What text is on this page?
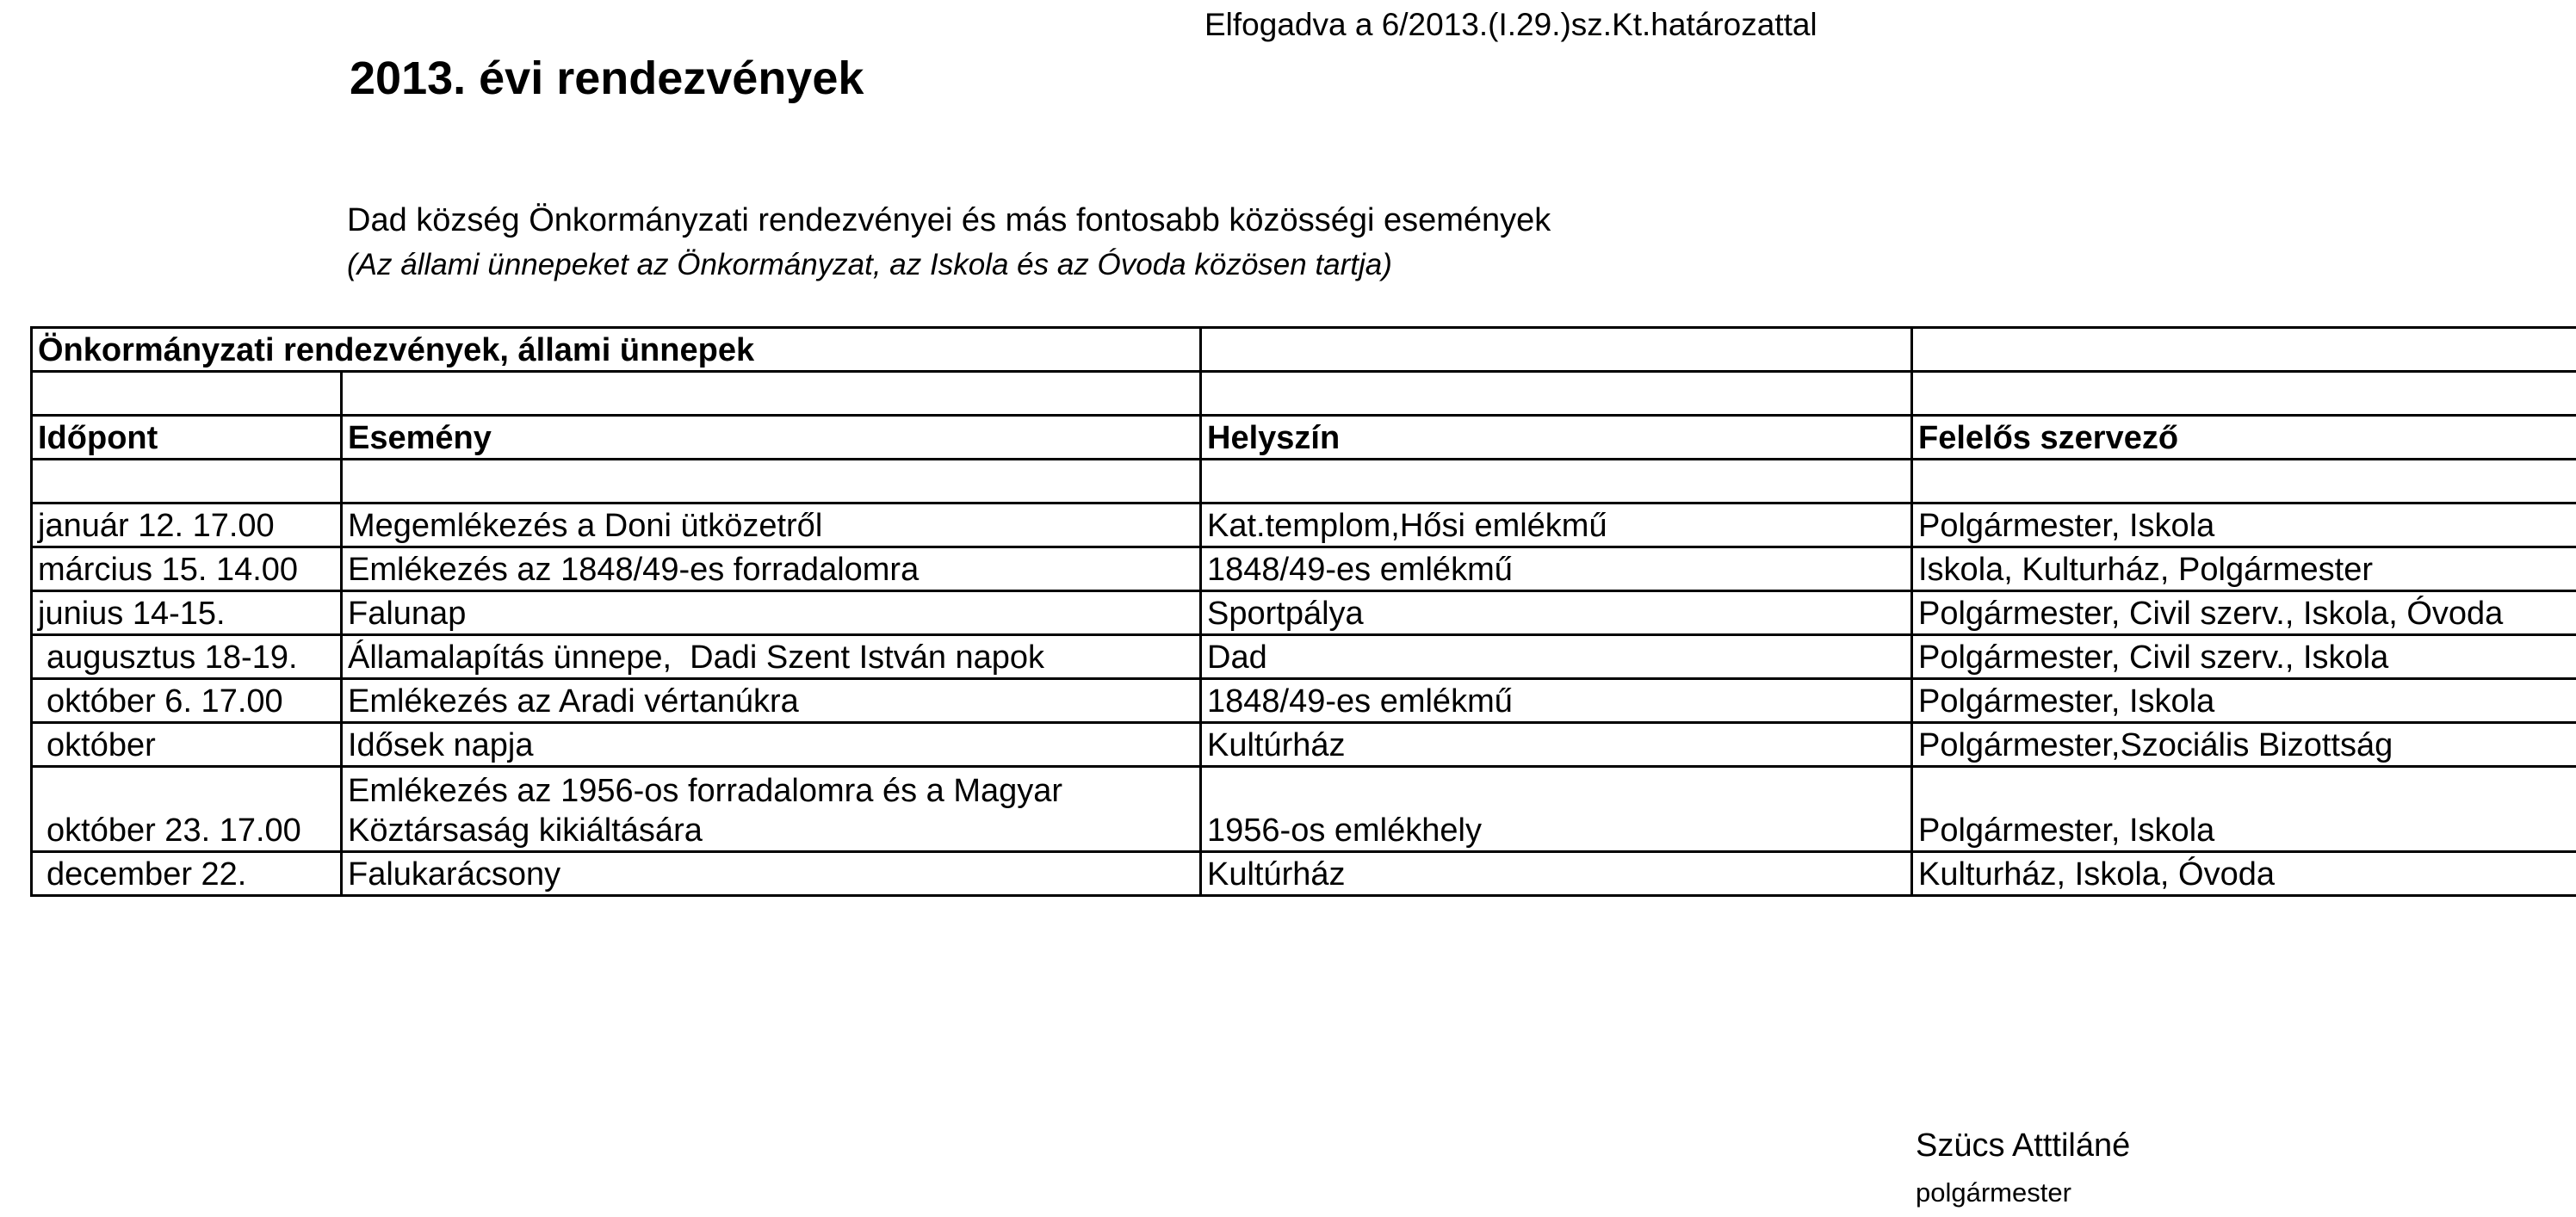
Elfogadva a 6/2013.(I.29.)sz.Kt.határozattal
2013. évi rendezvények
Dad község Önkormányzati rendezvényei és más fontosabb közösségi események
(Az állami ünnepeket az Önkormányzat, az Iskola és az Óvoda közösen tartja)
Önkormányzati rendezvények, állami ünnepek			

Időpont	Esemény	Helyszín	Felelős szervező

január 12. 17.00	Megemlékezés a Doni ütközetről	Kat.templom,Hősi emlékmű	Polgármester, Iskola
március 15. 14.00	Emlékezés az 1848/49-es forradalomra	1848/49-es emlékmű	Iskola, Kulturház, Polgármester
junius 14-15.	Falunap	Sportpálya	Polgármester, Civil szerv., Iskola, Óvoda
augusztus 18-19.	Államalapítás ünnepe,  Dadi Szent István napok	Dad	Polgármester, Civil szerv., Iskola
október 6. 17.00	Emlékezés az Aradi vértanúkra	1848/49-es emlékmű	Polgármester, Iskola
október	Idősek napja	Kultúrház	Polgármester,Szociális Bizottság
október 23. 17.00	Emlékezés az 1956-os forradalomra és a Magyar Köztársaság kikiáltására	1956-os emlékhely	Polgármester, Iskola
december 22.	Falukarácsony	Kultúrház	Kulturház, Iskola, Óvoda
Szücs Atttiláné
polgármester
